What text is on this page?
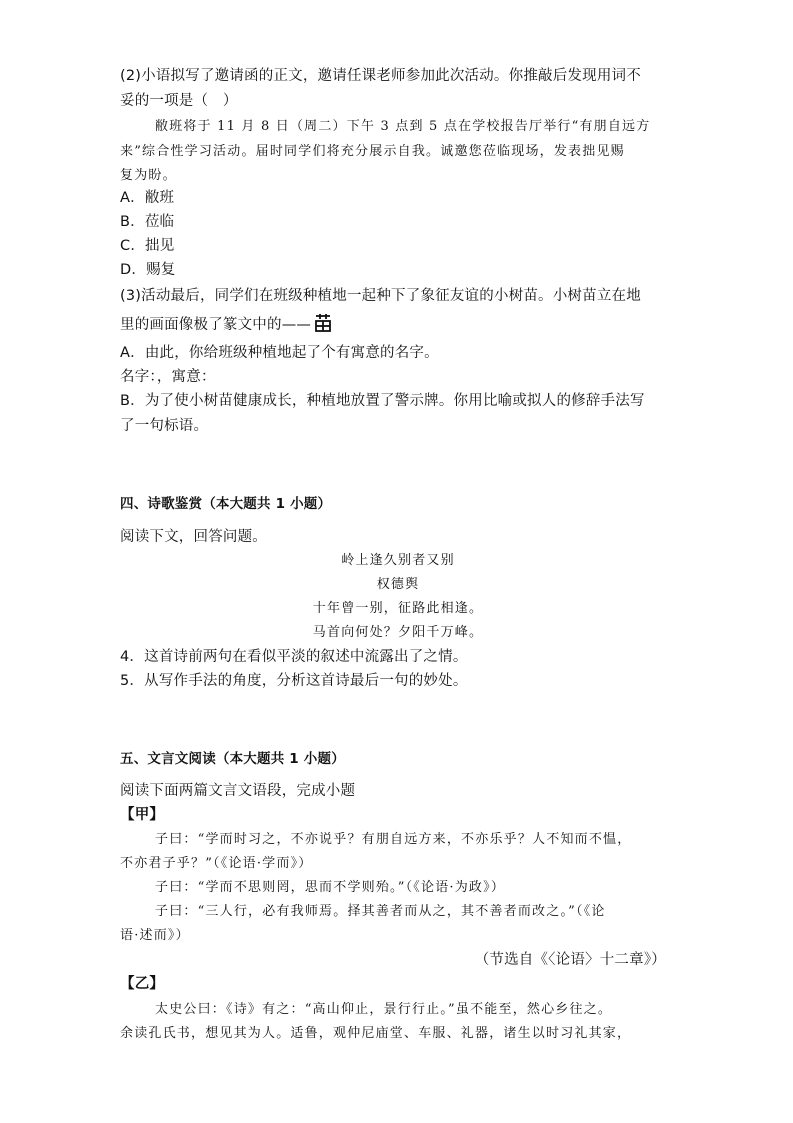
(2)小语拟写了邀请函的正文，邀请任课老师参加此次活动。你推敲后发现用词不
妥的一项是（　）
敝班将于 11 月 8 日（周二）下午 3 点到 5 点在学校报告厅举行“有朋自远方
来”综合性学习活动。届时同学们将充分展示自我。诚邀您莅临现场，发表拙见赐
复为盼。
A．敝班
B．莅临
C．拙见
D．赐复
(3)活动最后，同学们在班级种植地一起种下了象征友谊的小树苗。小树苗立在地
里的画面像极了篆文中的——
A．由此，你给班级种植地起了个有寓意的名字。
名字：，寓意：
B．为了使小树苗健康成长，种植地放置了警示牌。你用比喻或拟人的修辞手法写
了一句标语。
四、诗歌鉴赏（本大题共 1 小题）
阅读下文，回答问题。
岭上逢久别者又别
权德舆
十年曾一别，征路此相逢。
马首向何处？夕阳千万峰。
4．这首诗前两句在看似平淡的叙述中流露出了之情。
5．从写作手法的角度，分析这首诗最后一句的妙处。
五、文言文阅读（本大题共 1 小题）
阅读下面两篇文言文语段，完成小题
【甲】
子曰：“学而时习之，不亦说乎？有朋自远方来，不亦乐乎？人不知而不愠，
不亦君子乎？”（《论语·学而》）
子曰：“学而不思则罔，思而不学则殆。”（《论语·为政》）
子曰：“三人行，必有我师焉。择其善者而从之，其不善者而改之。”（《论
语·述而》）
（节选自《〈论语〉十二章》）
【乙】
太史公曰：《诗》有之：“高山仰止，景行行止。”虽不能至，然心乡往之。
余读孔氏书，想见其为人。适鲁，观仲尼庙堂、车服、礼器，诸生以时习礼其家，
